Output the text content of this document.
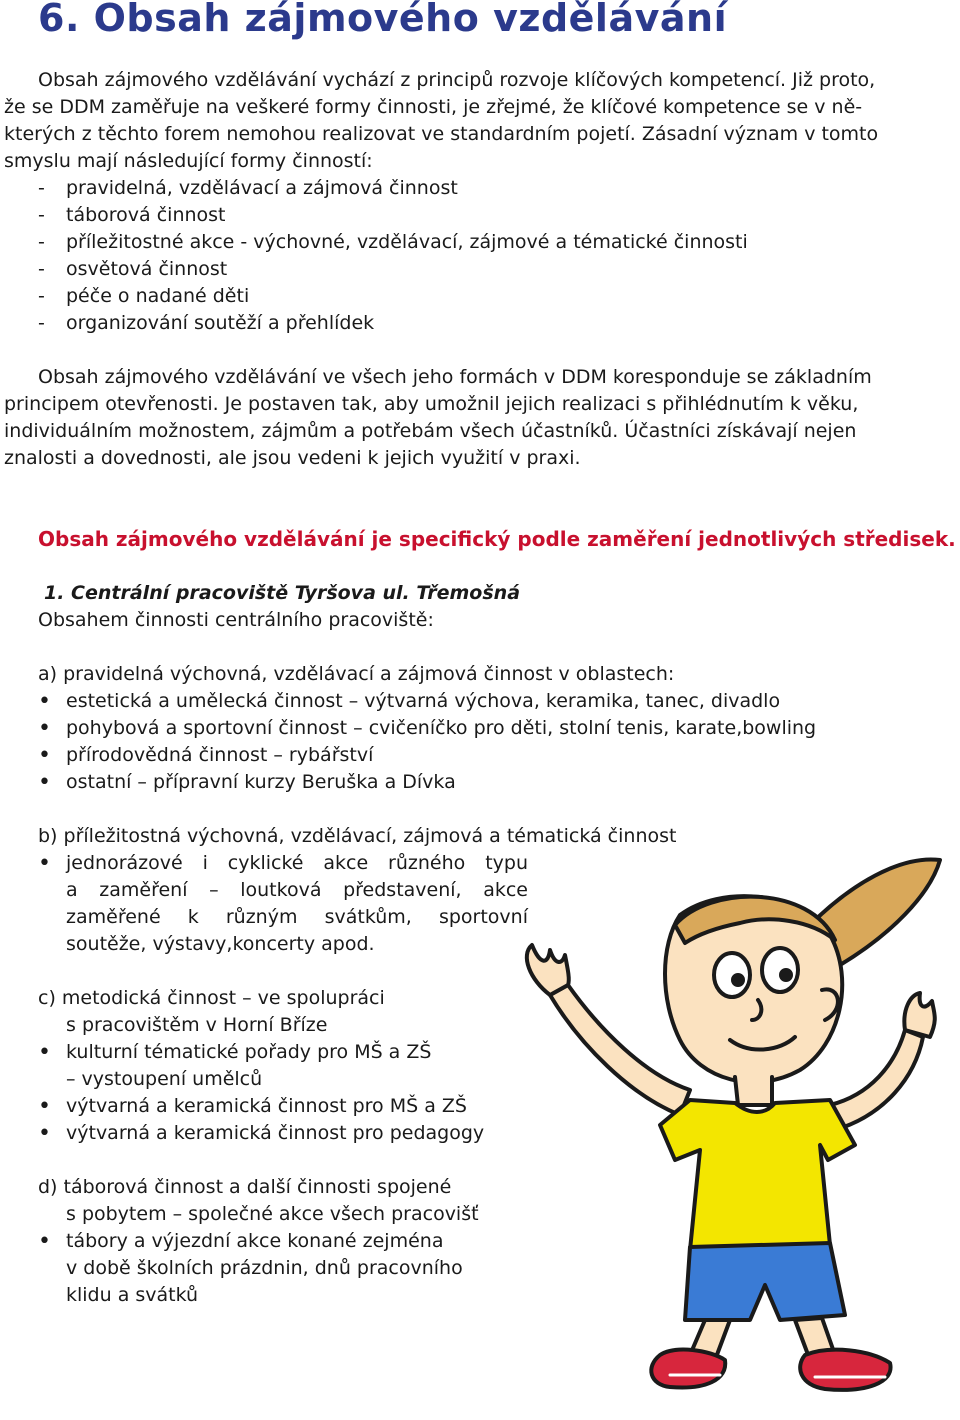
6. Obsah zájmového vzdělávání

Obsah zájmového vzdělávání vychází z principů rozvoje klíčových kompetencí. Již proto,

že se DDM zaměřuje na veškeré formy činnosti, je zřejmé, že klíčové kompetence se v ně-

kterých z těchto forem nemohou realizovat ve standardním pojetí. Zásadní význam v tomto

smyslu mají následující formy činností:

- pravidelná, vzdělávací a zájmová činnost

- táborová činnost

- příležitostné akce - výchovné, vzdělávací, zájmové a tématické činnosti

- osvětová činnost

- péče o nadané děti

- organizování soutěží a přehlídek

Obsah zájmového vzdělávání ve všech jeho formách v DDM koresponduje se základním

principem otevřenosti. Je postaven tak, aby umožnil jejich realizaci s přihlédnutím k věku,

individuálním možnostem, zájmům a potřebám všech účastníků. Účastníci získávají nejen

znalosti a dovednosti, ale jsou vedeni k jejich využití v praxi.

Obsah zájmového vzdělávání je specifický podle zaměření jednotlivých středisek.

1. Centrální pracoviště Tyršova ul. Třemošná

Obsahem činnosti centrálního pracoviště:

a) pravidelná výchovná, vzdělávací a zájmová činnost v oblastech:

• estetická a umělecká činnost – výtvarná výchova, keramika, tanec, divadlo

• pohybová a sportovní činnost – cvičeníčko pro děti, stolní tenis, karate,bowling

• přírodovědná činnost – rybářství

• ostatní – přípravní kurzy Beruška a Dívka

b) příležitostná výchovná, vzdělávací, zájmová a tématická činnost

• jednorázové i cyklické akce různého typu

a zaměření – loutková představení, akce

zaměřené k různým svátkům, sportovní

soutěže, výstavy,koncerty apod.

c) metodická činnost – ve spolupráci

s pracovištěm v Horní Bříze

• kulturní tématické pořady pro MŠ a ZŠ

– vystoupení umělců

• výtvarná a keramická činnost pro MŠ a ZŠ

• výtvarná a keramická činnost pro pedagogy

d) táborová činnost a další činnosti spojené

s pobytem – společné akce všech pracovišť

• tábory a výjezdní akce konané zejména

v době školních prázdnin, dnů pracovního

klidu a svátků
